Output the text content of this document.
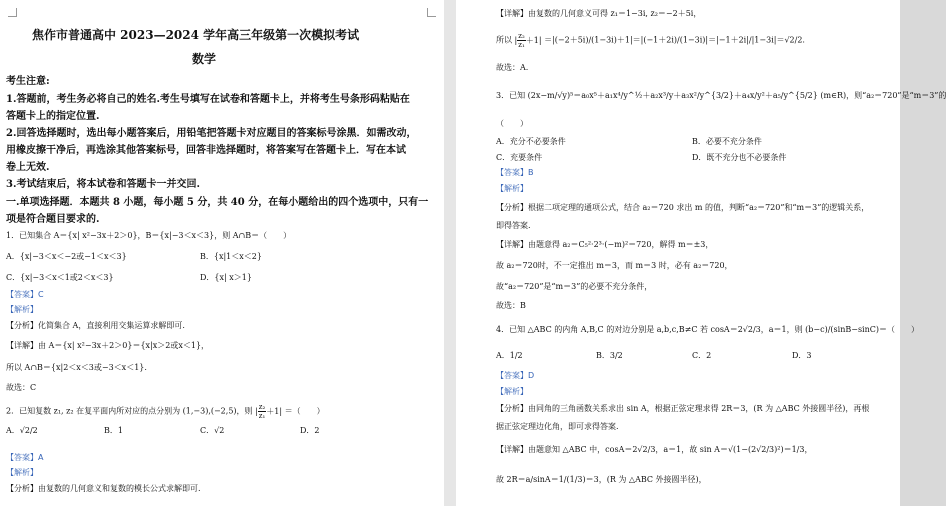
焦作市普通高中 2023—2024 学年高三年级第一次模拟考试
数学
考生注意:
1.答题前，考生务必将自己的姓名.考生号填写在试卷和答题卡上，并将考生号条形码粘贴在
答题卡上的指定位置.
2.回答选择题时，选出每小题答案后，用铅笔把答题卡对应题目的答案标号涂黑．如需改动，
用橡皮擦干净后，再选涂其他答案标号，回答非选择题时，将答案写在答题卡上．写在本试
卷上无效.
3.考试结束后，将本试卷和答题卡一并交回.
一.单项选择题．本题共 8 小题，每小题 5 分，共 40 分，在每小题给出的四个选项中，只有一
项是符合题目要求的.
1．已知集合 A＝{x| x²−3x＋2＞0}，B＝{x|−3＜x＜3}，则 A∩B＝（　　）
A．{x|−3＜x＜−2或−1＜x＜3}	B．{x|1＜x＜2}
C．{x|−3＜x＜1或2＜x＜3}	D．{x| x＞1}
【答案】C
【解析】
【分析】化简集合 A，直接利用交集运算求解即可.
【详解】由 A＝{x| x²−3x＋2＞0}＝{x|x＞2或x＜1}，
所以 A∩B＝{x|2＜x＜3或−3＜x＜1}.
故选：C
2．已知复数 z₁, z₂ 在复平面内所对应的点分别为 (1,−3),(−2,5)，则 | $\frac{\text{z₂}}{\text{z₁}} +1|$ ＝（　　）
A．√2/2	B．1	C．√2	D．2
【答案】A
【解析】
【分析】由复数的几何意义和复数的模长公式求解即可.
【详解】由复数的几何意义可得 z₁＝1−3i, z₂＝−2＋5i，
所以 | $\frac{\text{z₂}}{\text{z₁}} +1| =|(-2+5i)/(1-3i)+1|=|(-1+2i)/(1-3i)|=|-1+2i|/|1-3i|=√2/2$.
故选：A.
3．已知 (2x−m/√y)⁵＝a₀x⁵＋a₁x⁴/y^½＋a₂x³/y＋a₃x²/y^{3/2}＋a₄x/y²＋a₅/y^{5/2} (m∈R)，则“a₂＝720”是“m＝3”的
（　　）
A．充分不必要条件	B．必要不充分条件
C．充要条件	D．既不充分也不必要条件
【答案】B
【解析】
【分析】根据二项定理的通项公式，结合 a₂＝720 求出 m 的值，判断“a₂＝720”和“m＝3”的逻辑关系，
即得答案.
【详解】由题意得 a₂＝C₅²·2³·(−m)²＝720，解得 m＝±3，
故 a₂＝720时，不一定推出 m＝3，而 m＝3 时，必有 a₂＝720，
故“a₂＝720”是“m＝3”的必要不充分条件，
故选：B
4．已知 △ABC 的内角 A,B,C 的对边分别是 a,b,c,B≠C 若 cosA＝2√2/3，a＝1，则 (b−c)/(sinB−sinC)＝（　　）
A．1/2	B．3/2	C．2	D．3
【答案】D
【解析】
【分析】由同角的三角函数关系求出 sin A，根据正弦定理求得 2R＝3，(R 为 △ABC 外接圆半径)，再根
据正弦定理边化角，即可求得答案.
【详解】由题意知 △ABC 中，cosA＝2√2/3，a＝1，故 sin A＝√(1−(2√2/3)²)＝1/3，
故 2R＝a/sinA＝1/(1/3)＝3，(R 为 △ABC 外接圆半径)，
